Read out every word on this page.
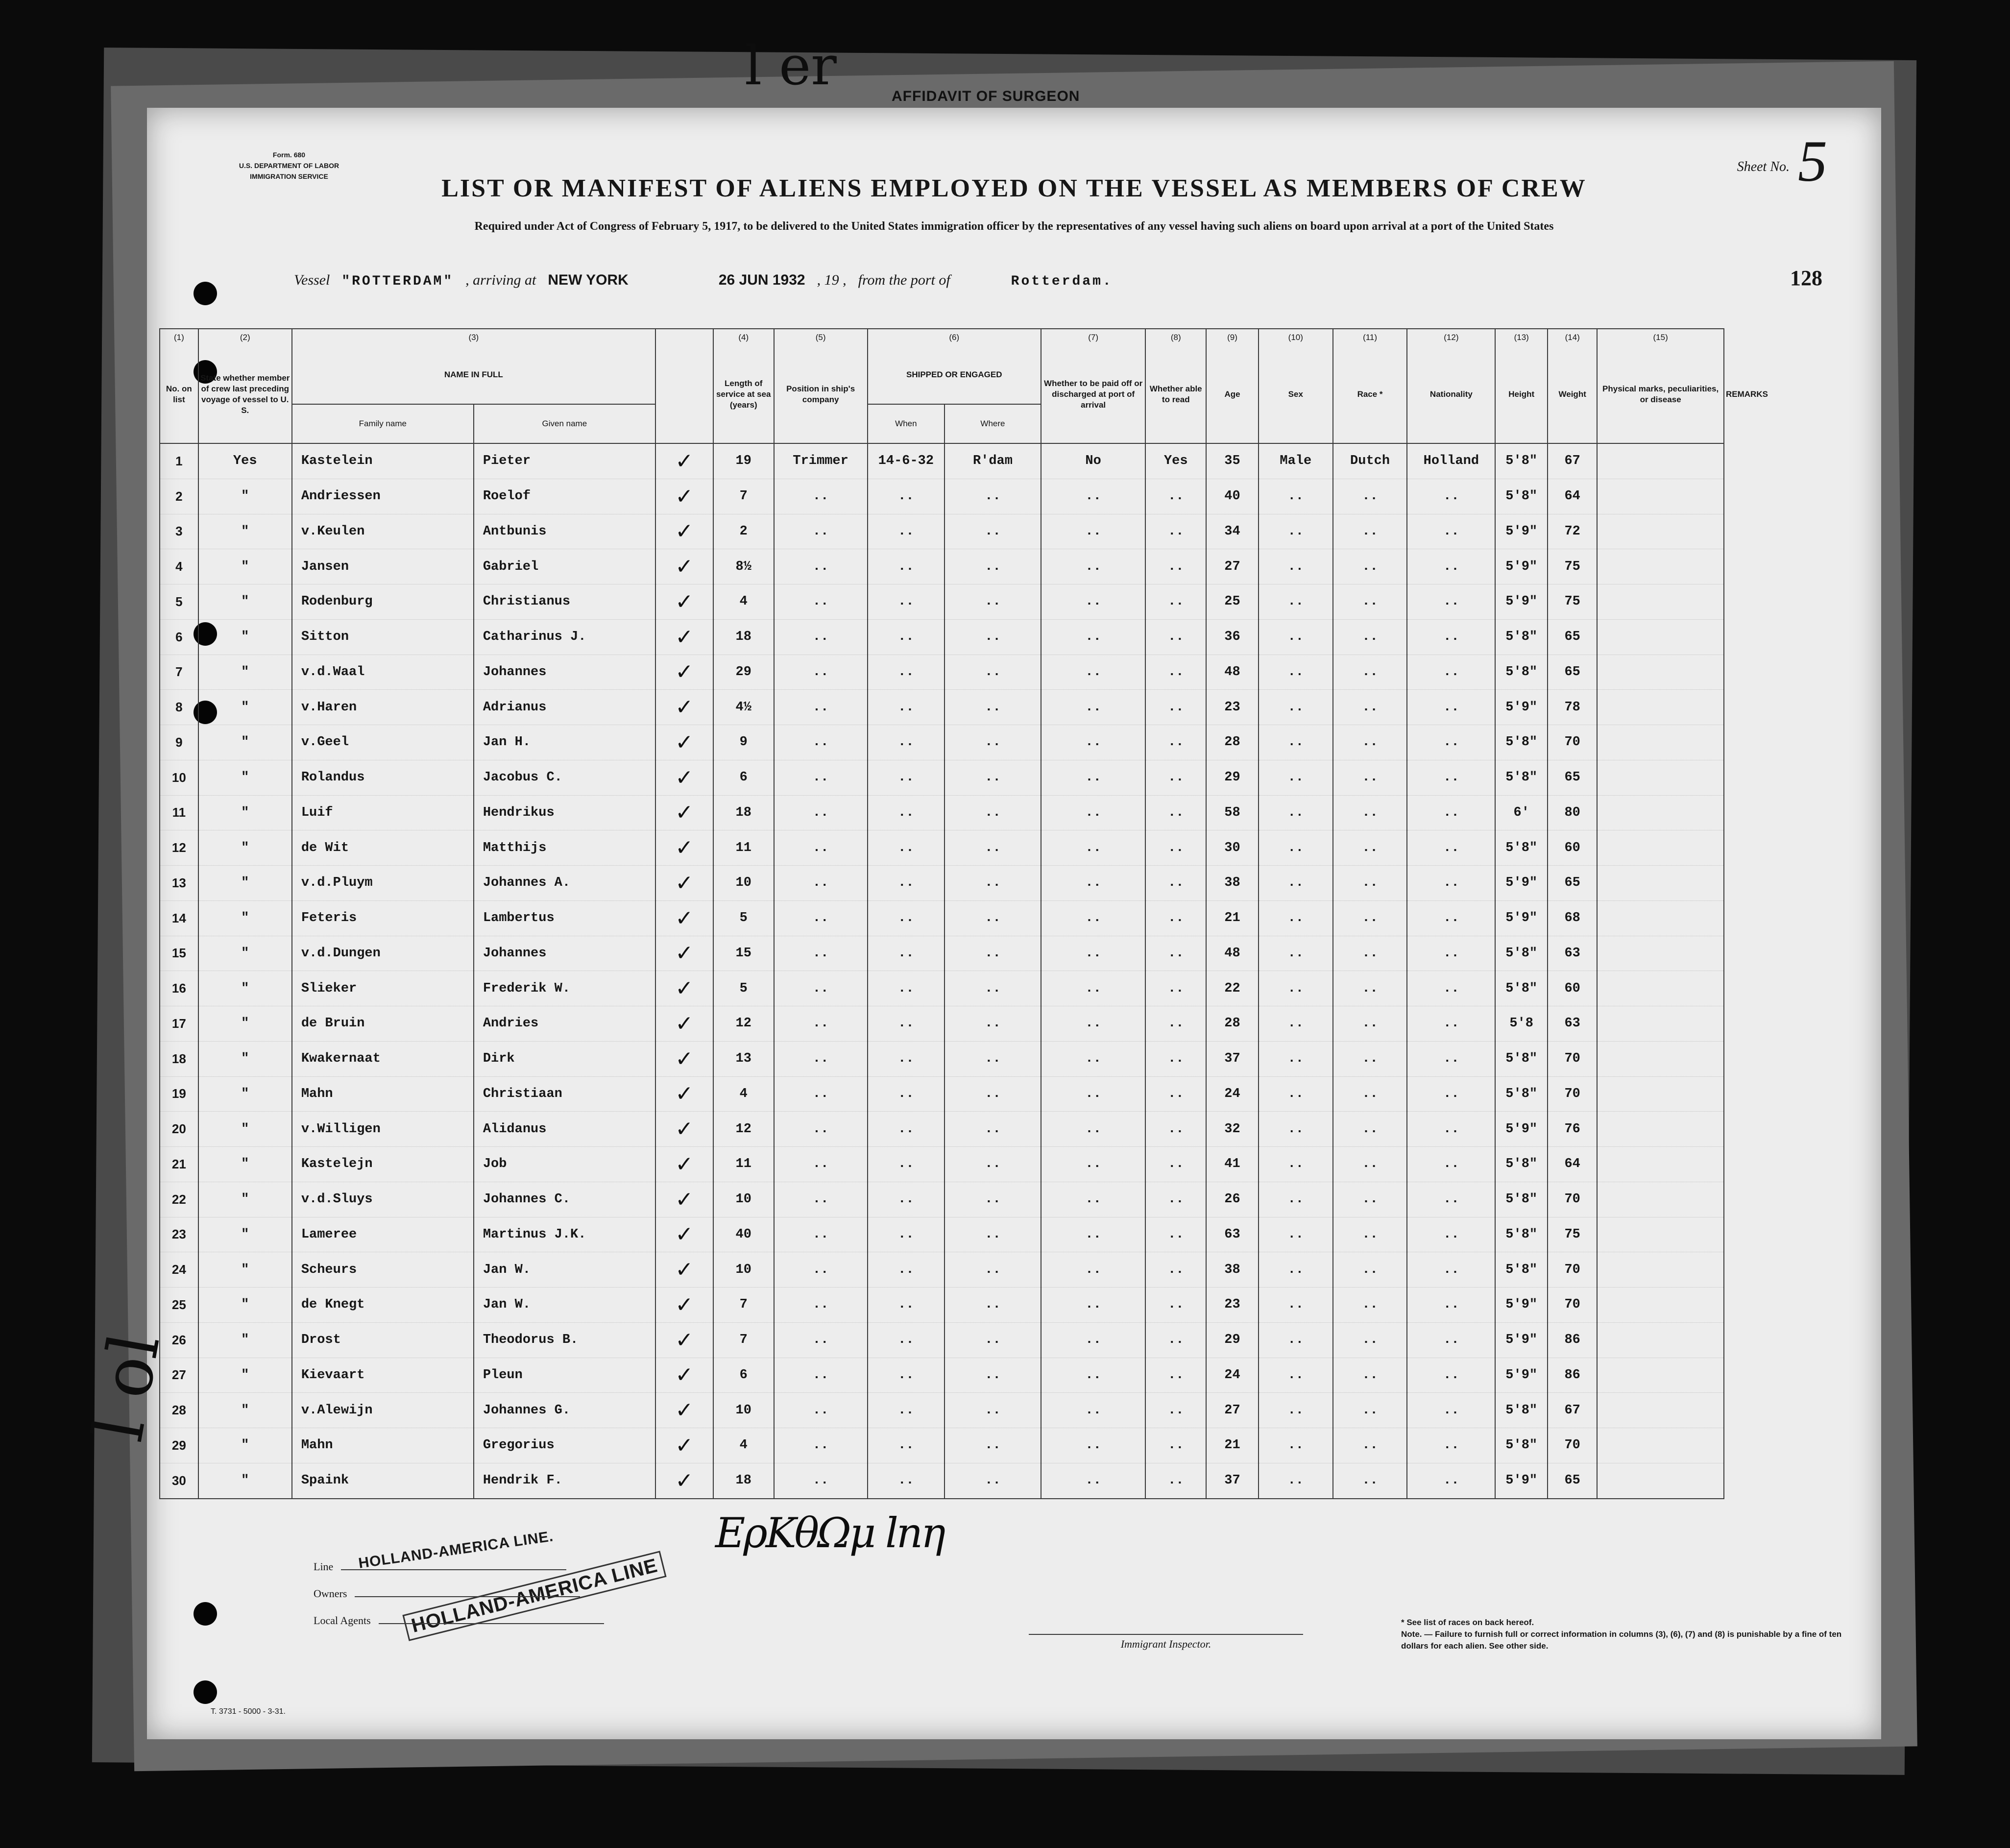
AFFIDAVIT OF SURGEON
l er
Form. 680
U.S. DEPARTMENT OF LABOR
IMMIGRATION SERVICE
Sheet No. 5
LIST OR MANIFEST OF ALIENS EMPLOYED ON THE VESSEL AS MEMBERS OF CREW
Required under Act of Congress of February 5, 1917, to be delivered to the United States immigration officer by the representatives of any vessel having such aliens on board upon arrival at a port of the United States
Vessel "ROTTERDAM" , arriving at NEW YORK	26 JUN 1932 , 19 , from the port of	Rotterdam.	128
(1)	(2)	(3)			(4)	(5)	(6)		(7)	(8)	(9)	(10)	(11)	(12)	(13)	(14)	(15)	
No. on list	State whether member of crew last preceding voyage of vessel to U. S.	NAME IN FULL			Length of service at sea (years)	Position in ship's company	SHIPPED OR ENGAGED		Whether to be paid off or discharged at port of arrival	Whether able to read	Age	Sex	Race *	Nationality	Height	Weight	Physical marks, peculiarities, or disease	REMARKS
		Family name	Given name				When	Where										
1	Yes	Kastelein	Pieter	✓	19	Trimmer	14-6-32	R'dam	No	Yes	35	Male	Dutch	Holland	5'8"	67		
2	"	Andriessen	Roelof	✓	7	..	..	..	..	..	40	..	..	..	5'8"	64		
3	"	v.Keulen	Antbunis	✓	2	..	..	..	..	..	34	..	..	..	5'9"	72		
4	"	Jansen	Gabriel	✓	8½	..	..	..	..	..	27	..	..	..	5'9"	75		
5	"	Rodenburg	Christianus	✓	4	..	..	..	..	..	25	..	..	..	5'9"	75		
6	"	Sitton	Catharinus J.	✓	18	..	..	..	..	..	36	..	..	..	5'8"	65		
7	"	v.d.Waal	Johannes	✓	29	..	..	..	..	..	48	..	..	..	5'8"	65		
8	"	v.Haren	Adrianus	✓	4½	..	..	..	..	..	23	..	..	..	5'9"	78		
9	"	v.Geel	Jan H.	✓	9	..	..	..	..	..	28	..	..	..	5'8"	70		
10	"	Rolandus	Jacobus C.	✓	6	..	..	..	..	..	29	..	..	..	5'8"	65		
11	"	Luif	Hendrikus	✓	18	..	..	..	..	..	58	..	..	..	6'	80		
12	"	de Wit	Matthijs	✓	11	..	..	..	..	..	30	..	..	..	5'8"	60		
13	"	v.d.Pluym	Johannes A.	✓	10	..	..	..	..	..	38	..	..	..	5'9"	65		
14	"	Feteris	Lambertus	✓	5	..	..	..	..	..	21	..	..	..	5'9"	68		
15	"	v.d.Dungen	Johannes	✓	15	..	..	..	..	..	48	..	..	..	5'8"	63		
16	"	Slieker	Frederik W.	✓	5	..	..	..	..	..	22	..	..	..	5'8"	60		
17	"	de Bruin	Andries	✓	12	..	..	..	..	..	28	..	..	..	5'8	63		
18	"	Kwakernaat	Dirk	✓	13	..	..	..	..	..	37	..	..	..	5'8"	70		
19	"	Mahn	Christiaan	✓	4	..	..	..	..	..	24	..	..	..	5'8"	70		
20	"	v.Willigen	Alidanus	✓	12	..	..	..	..	..	32	..	..	..	5'9"	76		
21	"	Kastelejn	Job	✓	11	..	..	..	..	..	41	..	..	..	5'8"	64		
22	"	v.d.Sluys	Johannes C.	✓	10	..	..	..	..	..	26	..	..	..	5'8"	70		
23	"	Lameree	Martinus J.K.	✓	40	..	..	..	..	..	63	..	..	..	5'8"	75		
24	"	Scheurs	Jan W.	✓	10	..	..	..	..	..	38	..	..	..	5'8"	70		
25	"	de Knegt	Jan W.	✓	7	..	..	..	..	..	23	..	..	..	5'9"	70		
26	"	Drost	Theodorus B.	✓	7	..	..	..	..	..	29	..	..	..	5'9"	86		
27	"	Kievaart	Pleun	✓	6	..	..	..	..	..	24	..	..	..	5'9"	86		
28	"	v.Alewijn	Johannes G.	✓	10	..	..	..	..	..	27	..	..	..	5'8"	67		
29	"	Mahn	Gregorius	✓	4	..	..	..	..	..	21	..	..	..	5'8"	70		
30	"	Spaink	Hendrik F.	✓	18	..	..	..	..	..	37	..	..	..	5'9"	65		
ΕρΚθΩμ lnη
HOLLAND-AMERICA LINE.
HOLLAND-AMERICA LINE
Line
Owners
Local Agents
Immigrant Inspector.
* See list of races on back hereof.
Note. — Failure to furnish full or correct information in columns (3), (6), (7) and (8) is punishable by a fine of ten dollars for each alien. See other side.
T. 3731 - 5000 - 3-31.
l ol
